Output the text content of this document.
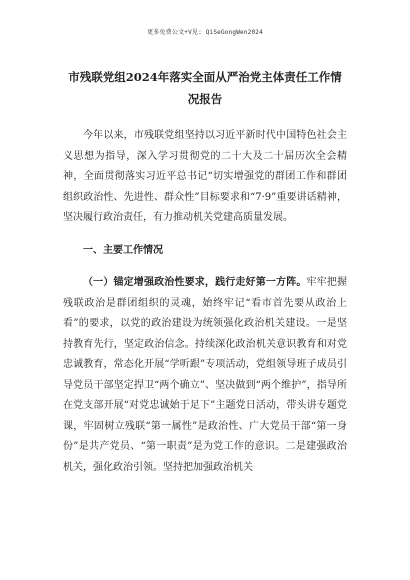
更多免费公文+V见: QiSeGongWen2024
市残联党组2024年落实全面从严治党主体责任工作情况报告

今年以来，市残联党组坚持以习近平新时代中国特色社会主义思想为指导，深入学习贯彻党的二十大及二十届历次全会精神，全面贯彻落实习近平总书记“切实增强党的群团工作和群团组织政治性、先进性、群众性”目标要求和“7·9”重要讲话精神，坚决履行政治责任，有力推动机关党建高质量发展。

一、主要工作情况

（一）锚定增强政治性要求，践行走好第一方阵。牢牢把握残联政治是群团组织的灵魂，始终牢记“看市首先要从政治上看”的要求，以党的政治建设为统领强化政治机关建设。一是坚持教育先行，坚定政治信念。持续深化政治机关意识教育和对党忠诚教育，常态化开展“学听跟”专项活动，党组领导班子成员引导党员干部坚定捍卫“两个确立”、坚决做到“两个维护”，指导所在党支部开展“对党忠诚始于足下”主题党日活动，带头讲专题党课，牢固树立残联“第一属性”是政治性、广大党员干部“第一身份”是共产党员、“第一职责”是为党工作的意识。二是建强政治机关，强化政治引领。坚持把加强政治机关
